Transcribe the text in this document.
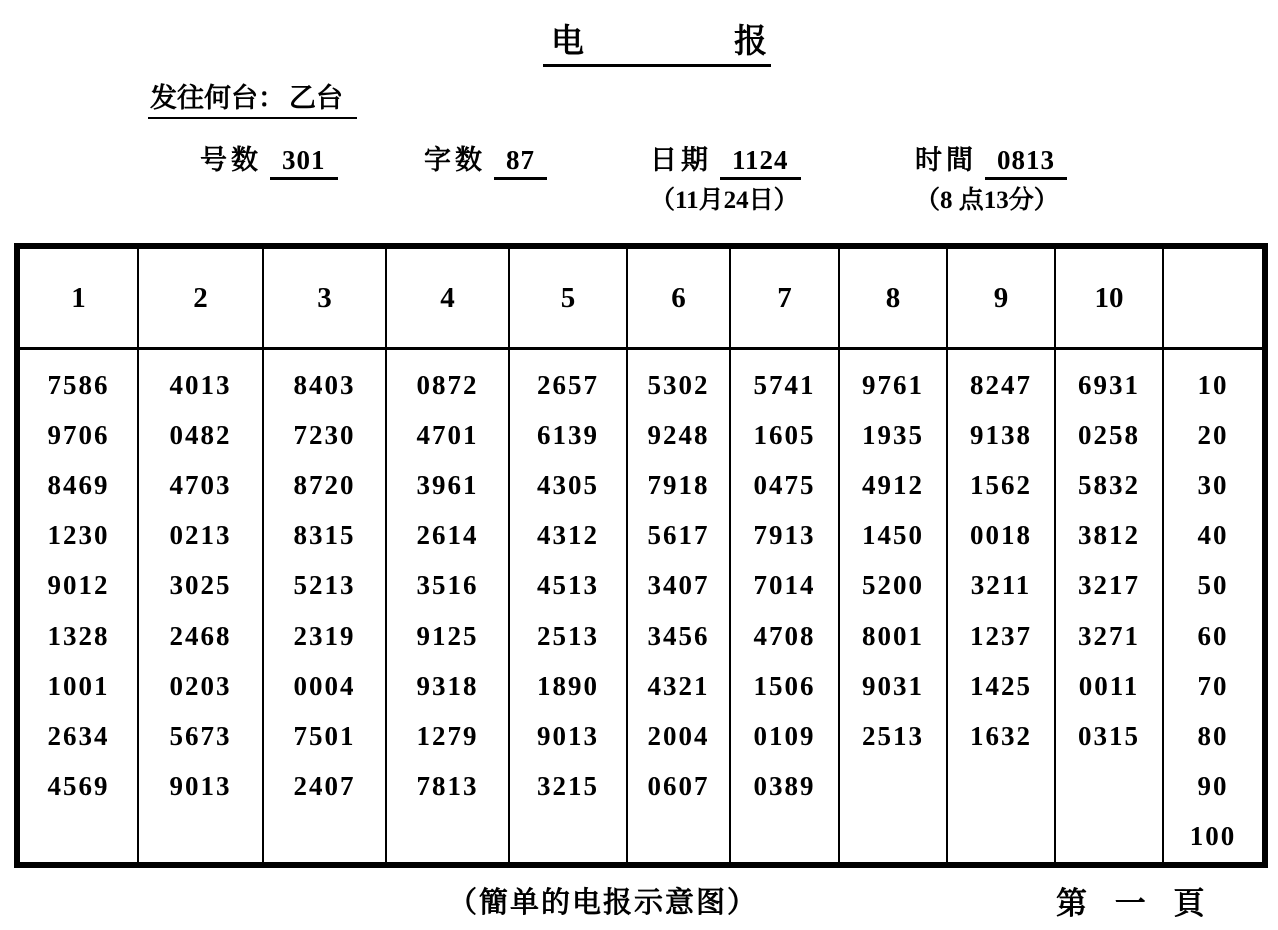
电	报
发往何台： 乙台
号数 301	字数 87	日期 1124
（11月24日）
时間 0813
（8 点13分）
1	2	3	4	5	6	7	8	9	10	
7586	4013	8403	0872	2657	5302	5741	9761	8247	6931	10
9706	0482	7230	4701	6139	9248	1605	1935	9138	0258	20
8469	4703	8720	3961	4305	7918	0475	4912	1562	5832	30
1230	0213	8315	2614	4312	5617	7913	1450	0018	3812	40
9012	3025	5213	3516	4513	3407	7014	5200	3211	3217	50
1328	2468	2319	9125	2513	3456	4708	8001	1237	3271	60
1001	0203	0004	9318	1890	4321	1506	9031	1425	0011	70
2634	5673	7501	1279	9013	2004	0109	2513	1632	0315	80
4569	9013	2407	7813	3215	0607	0389				90
										100
（簡单的电报示意图）	第 一 頁
